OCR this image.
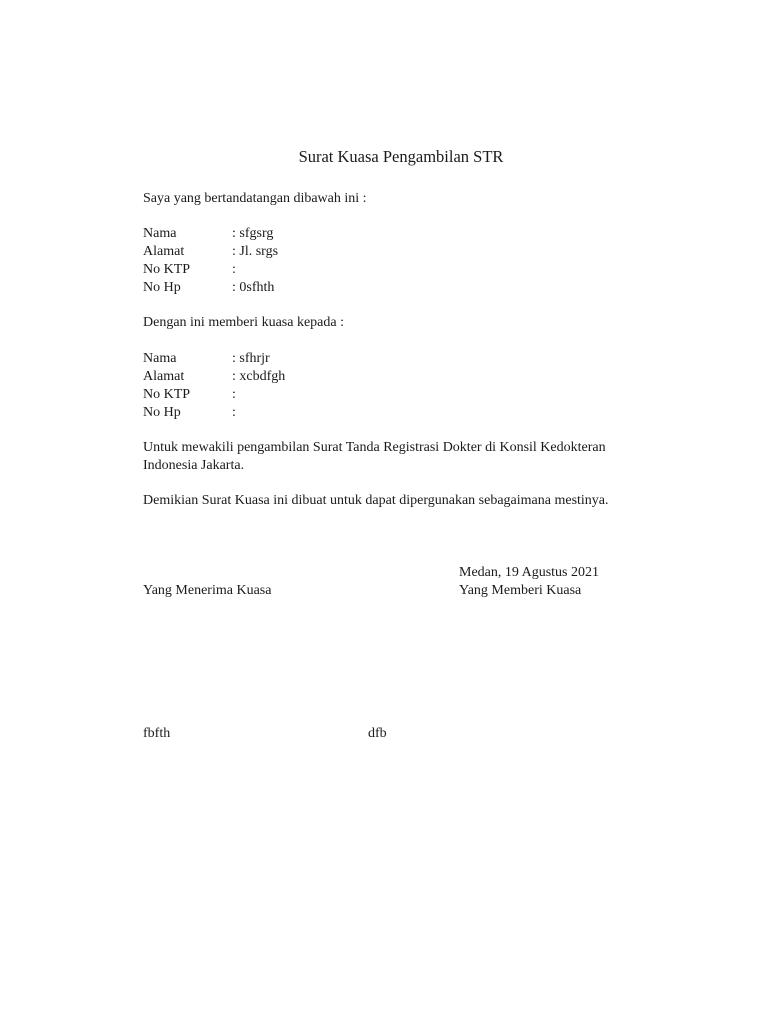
Surat Kuasa Pengambilan STR
Saya yang bertandatangan dibawah ini :
Nama	: sfgsrg
Alamat	: Jl. srgs
No KTP	:
No Hp	: 0sfhth
Dengan ini memberi kuasa kepada :
Nama	: sfhrjr
Alamat	: xcbdfgh
No KTP	:
No Hp	:
Untuk mewakili pengambilan Surat Tanda Registrasi Dokter di Konsil Kedokteran Indonesia Jakarta.
Demikian Surat Kuasa ini dibuat untuk dapat dipergunakan sebagaimana mestinya.
Medan, 19 Agustus 2021
Yang Menerima Kuasa	Yang Memberi Kuasa
fbfth	dfb
